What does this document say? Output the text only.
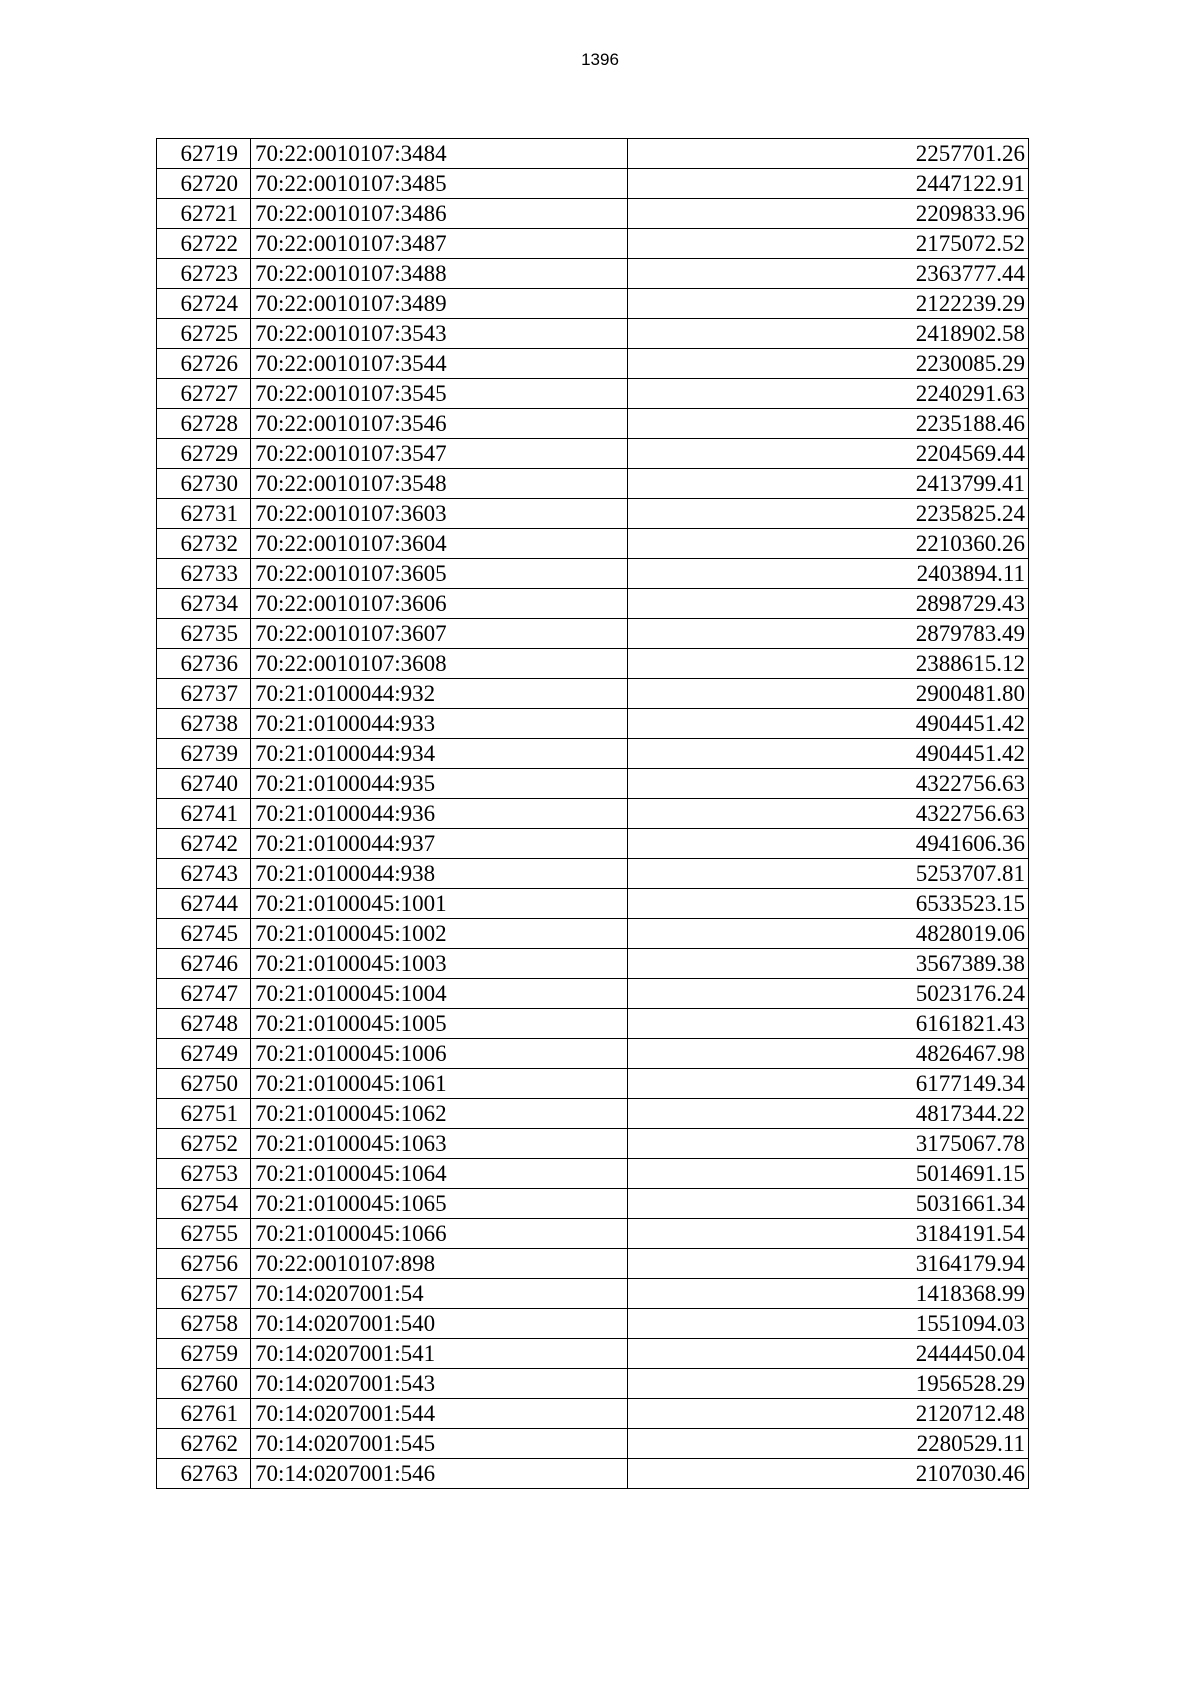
1396
62719	70:22:0010107:3484	2257701.26
62720	70:22:0010107:3485	2447122.91
62721	70:22:0010107:3486	2209833.96
62722	70:22:0010107:3487	2175072.52
62723	70:22:0010107:3488	2363777.44
62724	70:22:0010107:3489	2122239.29
62725	70:22:0010107:3543	2418902.58
62726	70:22:0010107:3544	2230085.29
62727	70:22:0010107:3545	2240291.63
62728	70:22:0010107:3546	2235188.46
62729	70:22:0010107:3547	2204569.44
62730	70:22:0010107:3548	2413799.41
62731	70:22:0010107:3603	2235825.24
62732	70:22:0010107:3604	2210360.26
62733	70:22:0010107:3605	2403894.11
62734	70:22:0010107:3606	2898729.43
62735	70:22:0010107:3607	2879783.49
62736	70:22:0010107:3608	2388615.12
62737	70:21:0100044:932	2900481.80
62738	70:21:0100044:933	4904451.42
62739	70:21:0100044:934	4904451.42
62740	70:21:0100044:935	4322756.63
62741	70:21:0100044:936	4322756.63
62742	70:21:0100044:937	4941606.36
62743	70:21:0100044:938	5253707.81
62744	70:21:0100045:1001	6533523.15
62745	70:21:0100045:1002	4828019.06
62746	70:21:0100045:1003	3567389.38
62747	70:21:0100045:1004	5023176.24
62748	70:21:0100045:1005	6161821.43
62749	70:21:0100045:1006	4826467.98
62750	70:21:0100045:1061	6177149.34
62751	70:21:0100045:1062	4817344.22
62752	70:21:0100045:1063	3175067.78
62753	70:21:0100045:1064	5014691.15
62754	70:21:0100045:1065	5031661.34
62755	70:21:0100045:1066	3184191.54
62756	70:22:0010107:898	3164179.94
62757	70:14:0207001:54	1418368.99
62758	70:14:0207001:540	1551094.03
62759	70:14:0207001:541	2444450.04
62760	70:14:0207001:543	1956528.29
62761	70:14:0207001:544	2120712.48
62762	70:14:0207001:545	2280529.11
62763	70:14:0207001:546	2107030.46
